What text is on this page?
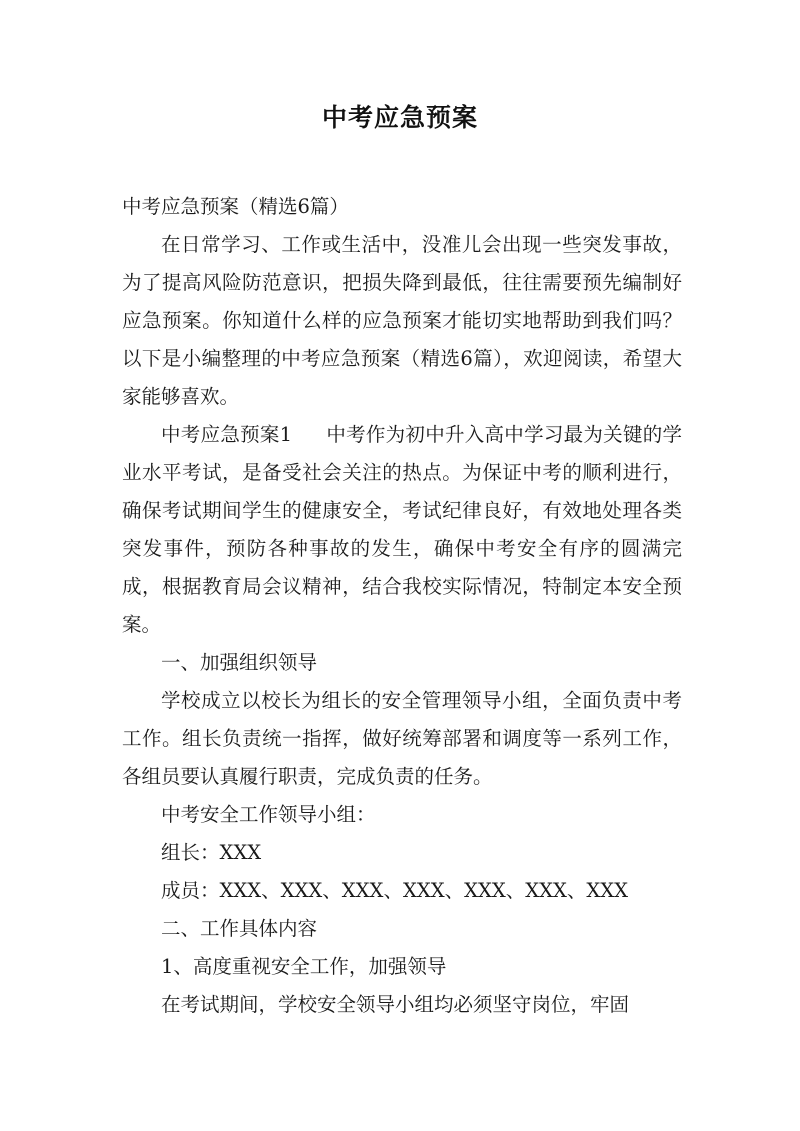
中考应急预案

中考应急预案（精选6篇）

在日常学习、工作或生活中，没准儿会出现一些突发事故，为了提高风险防范意识，把损失降到最低，往往需要预先编制好应急预案。你知道什么样的应急预案才能切实地帮助到我们吗？以下是小编整理的中考应急预案（精选6篇），欢迎阅读，希望大家能够喜欢。

中考应急预案1 中考作为初中升入高中学习最为关键的学业水平考试，是备受社会关注的热点。为保证中考的顺利进行，确保考试期间学生的健康安全，考试纪律良好，有效地处理各类突发事件，预防各种事故的发生，确保中考安全有序的圆满完成，根据教育局会议精神，结合我校实际情况，特制定本安全预案。

一、加强组织领导

学校成立以校长为组长的安全管理领导小组，全面负责中考工作。组长负责统一指挥，做好统筹部署和调度等一系列工作，各组员要认真履行职责，完成负责的任务。

中考安全工作领导小组：

组长：XXX

成员：XXX、XXX、XXX、XXX、XXX、XXX、XXX

二、工作具体内容

1、高度重视安全工作，加强领导

在考试期间，学校安全领导小组均必须坚守岗位，牢固
